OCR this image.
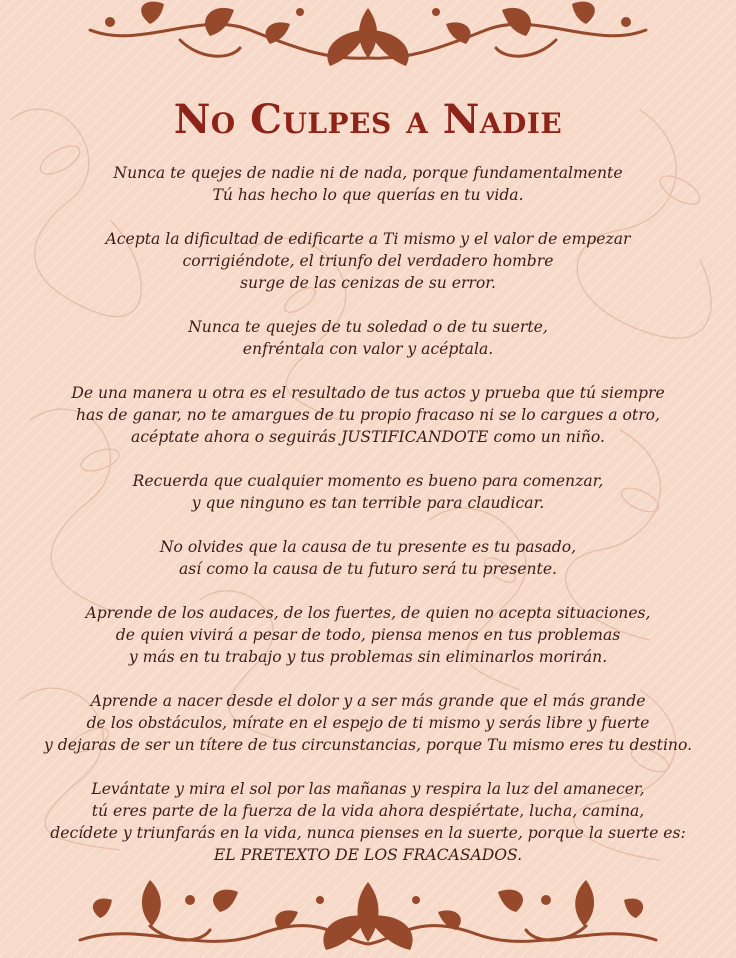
No Culpes a Nadie

Nunca te quejes de nadie ni de nada, porque fundamentalmente
Tú has hecho lo que querías en tu vida.

Acepta la dificultad de edificarte a Ti mismo y el valor de empezar
corrigiéndote, el triunfo del verdadero hombre
surge de las cenizas de su error.

Nunca te quejes de tu soledad o de tu suerte,
enfréntala con valor y acéptala.

De una manera u otra es el resultado de tus actos y prueba que tú siempre
has de ganar, no te amargues de tu propio fracaso ni se lo cargues a otro,
acéptate ahora o seguirás JUSTIFICANDOTE como un niño.

Recuerda que cualquier momento es bueno para comenzar,
y que ninguno es tan terrible para claudicar.

No olvides que la causa de tu presente es tu pasado,
así como la causa de tu futuro será tu presente.

Aprende de los audaces, de los fuertes, de quien no acepta situaciones,
de quien vivirá a pesar de todo, piensa menos en tus problemas
y más en tu trabajo y tus problemas sin eliminarlos morirán.

Aprende a nacer desde el dolor y a ser más grande que el más grande
de los obstáculos, mírate en el espejo de ti mismo y serás libre y fuerte
y dejaras de ser un títere de tus circunstancias, porque Tu mismo eres tu destino.

Levántate y mira el sol por las mañanas y respira la luz del amanecer,
tú eres parte de la fuerza de la vida ahora despiértate, lucha, camina,
decídete y triunfarás en la vida, nunca pienses en la suerte, porque la suerte es:
EL PRETEXTO DE LOS FRACASADOS.
